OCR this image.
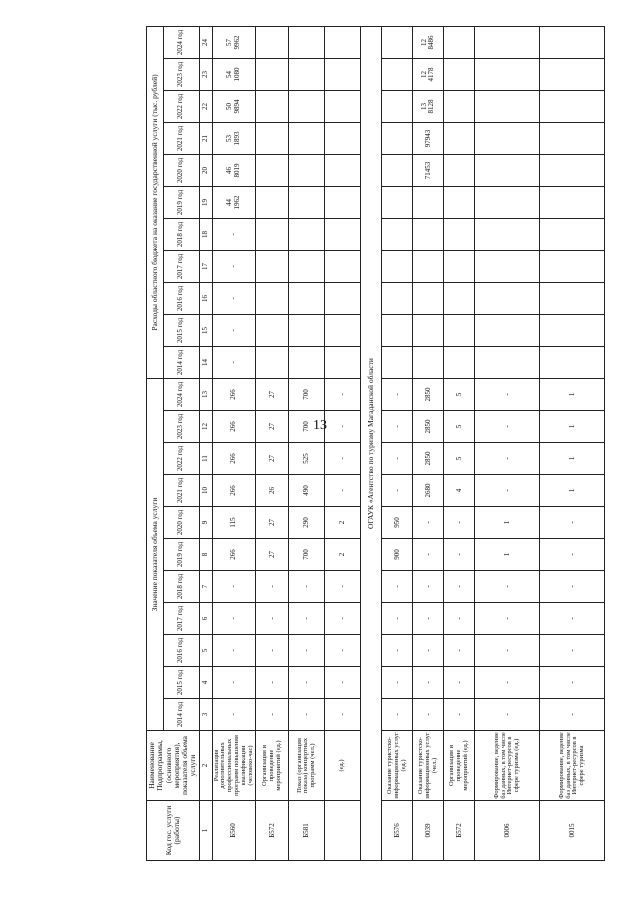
13
Код гос. услуги (работы)	Наименование Подпрограммы, (основного мероприятия), показателя объема услуги	Значение показателя объема услуги											Расходы областного бюджета на оказание государственной услуги (тыс. рублей)										
		2014 год	2015 год	2016 год	2017 год	2018 год	2019 год	2020 год	2021 год	2022 год	2023 год	2024 год	2014 год	2015 год	2016 год	2017 год	2018 год	2019 год	2020 год	2021 год	2022 год	2023 год	2024 год
1	2	3	4	5	6	7	8	9	10	11	12	13	14	15	16	17	18	19	20	21	22	23	24
Б560	Реализация дополнительных профессиональных программ повышения квалификации (человеко-час)	-	-	-	-	-	266	115	266	266	266	266	-	-	-	-	-	44 1962	46 8019	53 1893	50 9894	54 1080	57 9962

Б572	Организация и проведение мероприятий (ед.)	-	-	-	-	-	27	27	26	27	27	27											
Б581	Показ (организация показа) концертных программ (чел.)	-	-	-	-	-	700	290	490	525	700	700											
	(ед.)	-	-	-	-	-	2	2	-	-	-	-											
ОГАУК «Агентство по туризму Магаданской области																							
Б576	Оказание туристско-информационных услуг (ед.)	-	-	-	-	-	900	950	-	-	-	-											
0039	Оказание туристско-информационных услуг (чел.)	-	-	-	-	-	-	-	2680	2850	2850	2850							71453	97943	13 8128	12 4178	12 8486

Б572	Организация и проведение мероприятий (ед.)	-	-	-	-	-	-	-	4	5	5	5											
0006	Формирование, ведение баз данных, в том числе Интернет-ресурсов в сфере туризма (ед.)	-	-	-	-	-	1	1	-	-	-	-											
0015	Формирование, ведение баз данных, в том числе Интернет-ресурсов в сфере туризма	-	-	-	-	-	-	-	1	1	1	1											
